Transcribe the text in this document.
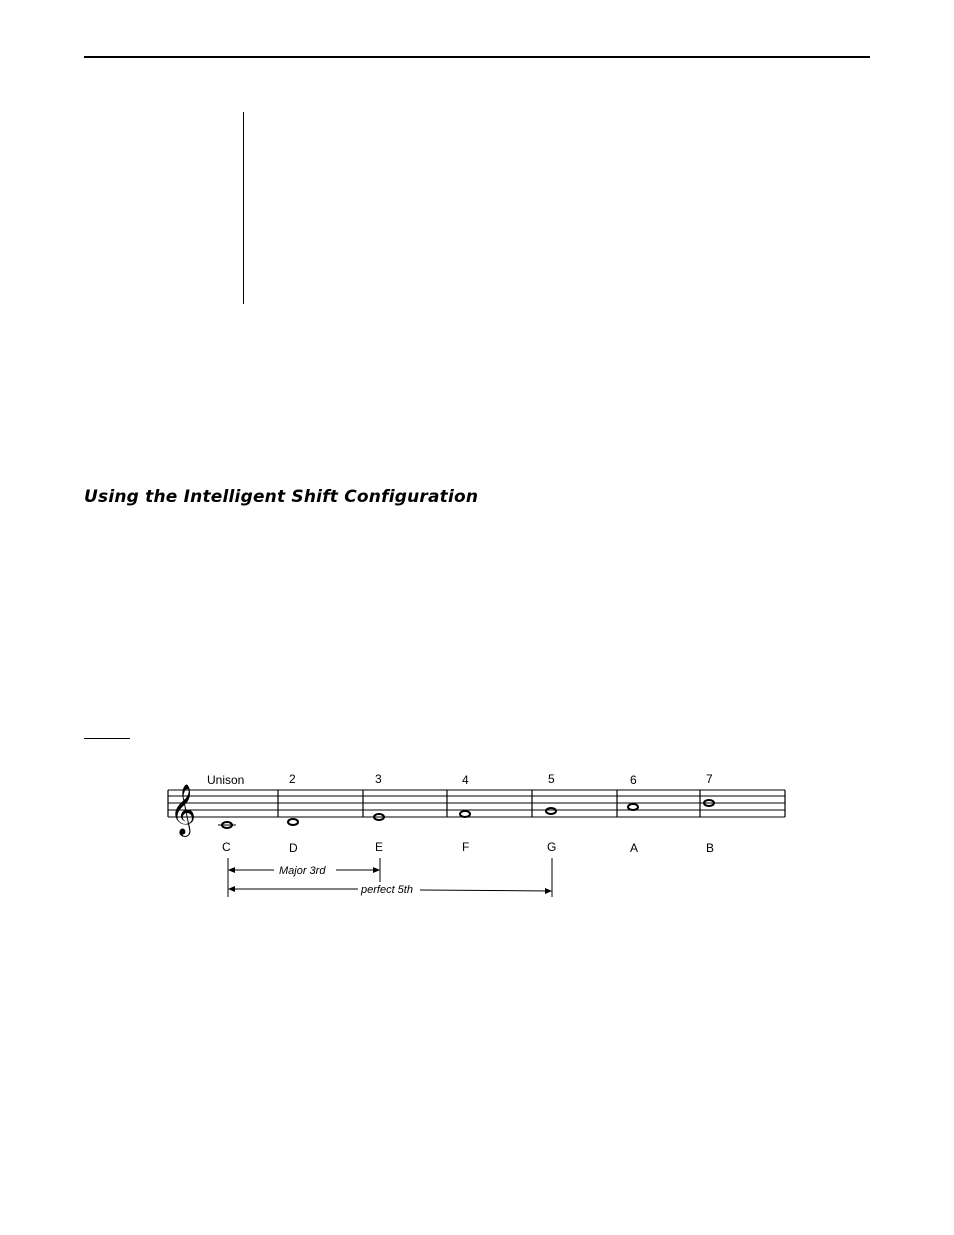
Using the Intelligent Shift Configuration
𝄞
Unison	2	3	4	5	6	7
C	D	E	F	G	A	B
Major 3rd
perfect 5th
